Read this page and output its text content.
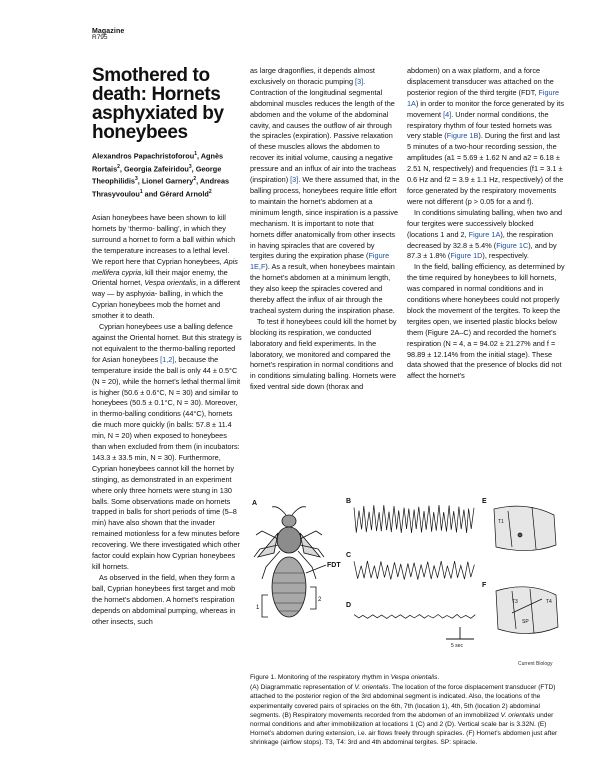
Magazine
R795
Smothered to death: Hornets asphyxiated by honeybees
Alexandros Papachristoforou$^1$, Agnès Rortais$^2$, Georgia Zafeiridou$^3$, George Theophilidis$^3$, Lionel Garnery$^2$, Andreas Thrasyvoulou$^1$ and Gérard Arnold$^2$

Asian honeybees have been shown to kill hornets by ‘thermo- balling’, in which they surround a hornet to form a ball within which the temperature increases to a lethal level. We report here that Cyprian honeybees, Apis mellifera cypria, kill their major enemy, the Oriental hornet, Vespa orientalis, in a different way — by asphyxia- balling, in which the Cyprian honeybees mob the hornet and smother it to death.

Cyprian honeybees use a balling defence against the Oriental hornet. But this strategy is not equivalent to the thermo-balling reported for Asian honeybees [1,2], because the temperature inside the ball is only 44 ± 0.5°C (N = 20), while the hornet’s lethal thermal limit is higher (50.6 ± 0.6°C, N = 30) and similar to honeybees (50.5 ± 0.1°C, N = 30). Moreover, in thermo-balling conditions (44°C), hornets die much more quickly (in balls: 57.8 ± 11.4 min, N = 20) when exposed to honeybees than when excluded from them (in incubators: 143.3 ± 33.5 min, N = 30). Furthermore, Cyprian honeybees cannot kill the hornet by stinging, as demonstrated in an experiment where only three hornets were stung in 130 balls. Some observations made on hornets trapped in balls for short periods of time (5–8 min) have also shown that the invader remained motionless for a few minutes before recovering. We there investigated which other factor could explain how Cyprian honeybees kill hornets.

As observed in the field, when they form a ball, Cyprian honeybees first target and mob the hornet’s abdomen. A hornet’s respiration depends on abdominal pumping, whereas in other insects, such

as large dragonflies, it depends almost exclusively on thoracic pumping [3]. Contraction of the longitudinal segmental abdominal muscles reduces the length of the abdomen and the volume of the abdominal cavity, and causes the outflow of air through the spiracles (expiration). Passive relaxation of these muscles allows the abdomen to recover its initial volume, causing a negative pressure and an influx of air into the tracheas (inspiration) [3]. We there assumed that, in the balling process, honeybees require little effort to maintain the hornet’s abdomen at a minimum length, since inspiration is a passive mechanism. It is important to note that hornets differ anatomically from other insects in having spiracles that are covered by tergites during the expiration phase (Figure 1E,F). As a result, when honeybees maintain the hornet’s abdomen at a minimum length, they also keep the spiracles covered and thereby affect the influx of air through the tracheal system during the inspiration phase.

To test if honeybees could kill the hornet by blocking its respiration, we conducted laboratory and field experiments. In the laboratory, we monitored and compared the hornet’s respiration in normal conditions and in conditions simulating balling. Hornets were fixed ventral side down (thorax and

abdomen) on a wax platform, and a force displacement transducer was attached on the posterior region of the third tergite (FDT, Figure 1A) in order to monitor the force generated by its movement [4]. Under normal conditions, the respiratory rhythm of four tested hornets was very stable (Figure 1B). During the first and last 5 minutes of a two-hour recording session, the amplitudes (a1 = 5.69 ± 1.62 N and a2 = 6.18 ± 2.51 N, respectively) and frequencies (f1 = 3.1 ± 0.6 Hz and f2 = 3.9 ± 1.1 Hz, respectively) of the force generated by the respiratory movements were not different (p > 0.05 for a and f).

In conditions simulating balling, when two and four tergites were successively blocked (locations 1 and 2, Figure 1A), the respiration decreased by 32.8 ± 5.4% (Figure 1C), and by 87.3 ± 1.8% (Figure 1D), respectively.

In the field, balling efficiency, as determined by the time required by honeybees to kill hornets, was compared in normal conditions and in conditions where honeybees could not properly block the movement of the tergites. To keep the tergites open, we inserted plastic blocks below them (Figure 2A–C) and recorded the hornet’s respiration (N = 4, a = 94.02 ± 21.27% and f = 98.89 ± 12.14% from the initial stage). These data showed that the presence of blocks did not affect the hornet’s

A
FDT
2
1
B
C
D
5 sec
E
T1
F
T3	T4
SP
Current Biology
Figure 1. Monitoring of the respiratory rhythm in Vespa orientalis.
(A) Diagrammatic representation of V. orientalis. The location of the force displacement transducer (FTD) attached to the posterior region of the 3rd abdominal segment is indicated. Also, the locations of the experimentally covered pairs of spiracles on the 6th, 7th (location 1), 4th, 5th (location 2) abdominal segments. (B) Respiratory movements recorded from the abdomen of an immobilized V. orientalis under normal conditions and after immobilization at locations 1 (C) and 2 (D). Vertical scale bar is 3.32N. (E) Hornet’s abdomen during extension, i.e. air flows freely through spiracles. (F) Hornet’s abdomen just after shrinkage (airflow stops). T3, T4: 3rd and 4th abdominal tergites. SP: spiracle.
